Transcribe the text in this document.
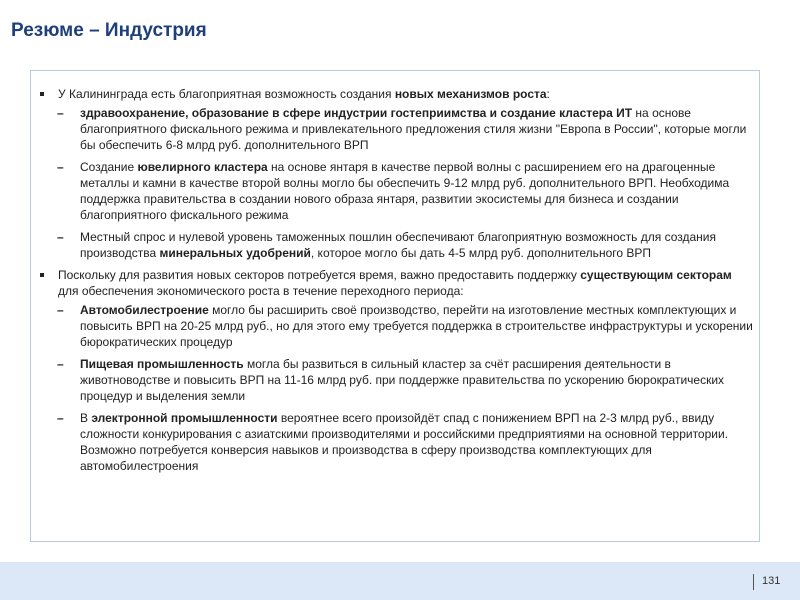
Резюме – Индустрия
У Калининграда есть благоприятная возможность создания новых механизмов роста:
– здравоохранение, образование в сфере индустрии гостеприимства и создание кластера ИТ на основе благоприятного фискального режима и привлекательного предложения стиля жизни "Европа в России", которые могли бы обеспечить 6-8 млрд руб. дополнительного ВРП
– Создание ювелирного кластера на основе янтаря в качестве первой волны с расширением его на драгоценные металлы и камни в качестве второй волны могло бы обеспечить 9-12 млрд руб. дополнительного ВРП. Необходима поддержка правительства в создании нового образа янтаря, развитии экосистемы для бизнеса и создании благоприятного фискального режима
– Местный спрос и нулевой уровень таможенных пошлин обеспечивают благоприятную возможность для создания производства минеральных удобрений, которое могло бы дать 4-5 млрд руб. дополнительного ВРП
Поскольку для развития новых секторов потребуется время, важно предоставить поддержку существующим секторам для обеспечения экономического роста в течение переходного периода:
– Автомобилестроение могло бы расширить своё производство, перейти на изготовление местных комплектующих и повысить ВРП на 20-25 млрд руб., но для этого ему требуется поддержка в строительстве инфраструктуры и ускорении бюрократических процедур
– Пищевая промышленность могла бы развиться в сильный кластер за счёт расширения деятельности в животноводстве и повысить ВРП на 11-16 млрд руб. при поддержке правительства по ускорению бюрократических процедур и выделения земли
– В электронной промышленности вероятнее всего произойдёт спад с понижением ВРП на 2-3 млрд руб., ввиду сложности конкурирования с азиатскими производителями и российскими предприятиями на основной территории. Возможно потребуется конверсия навыков и производства в сферу производства комплектующих для автомобилестроения
131
